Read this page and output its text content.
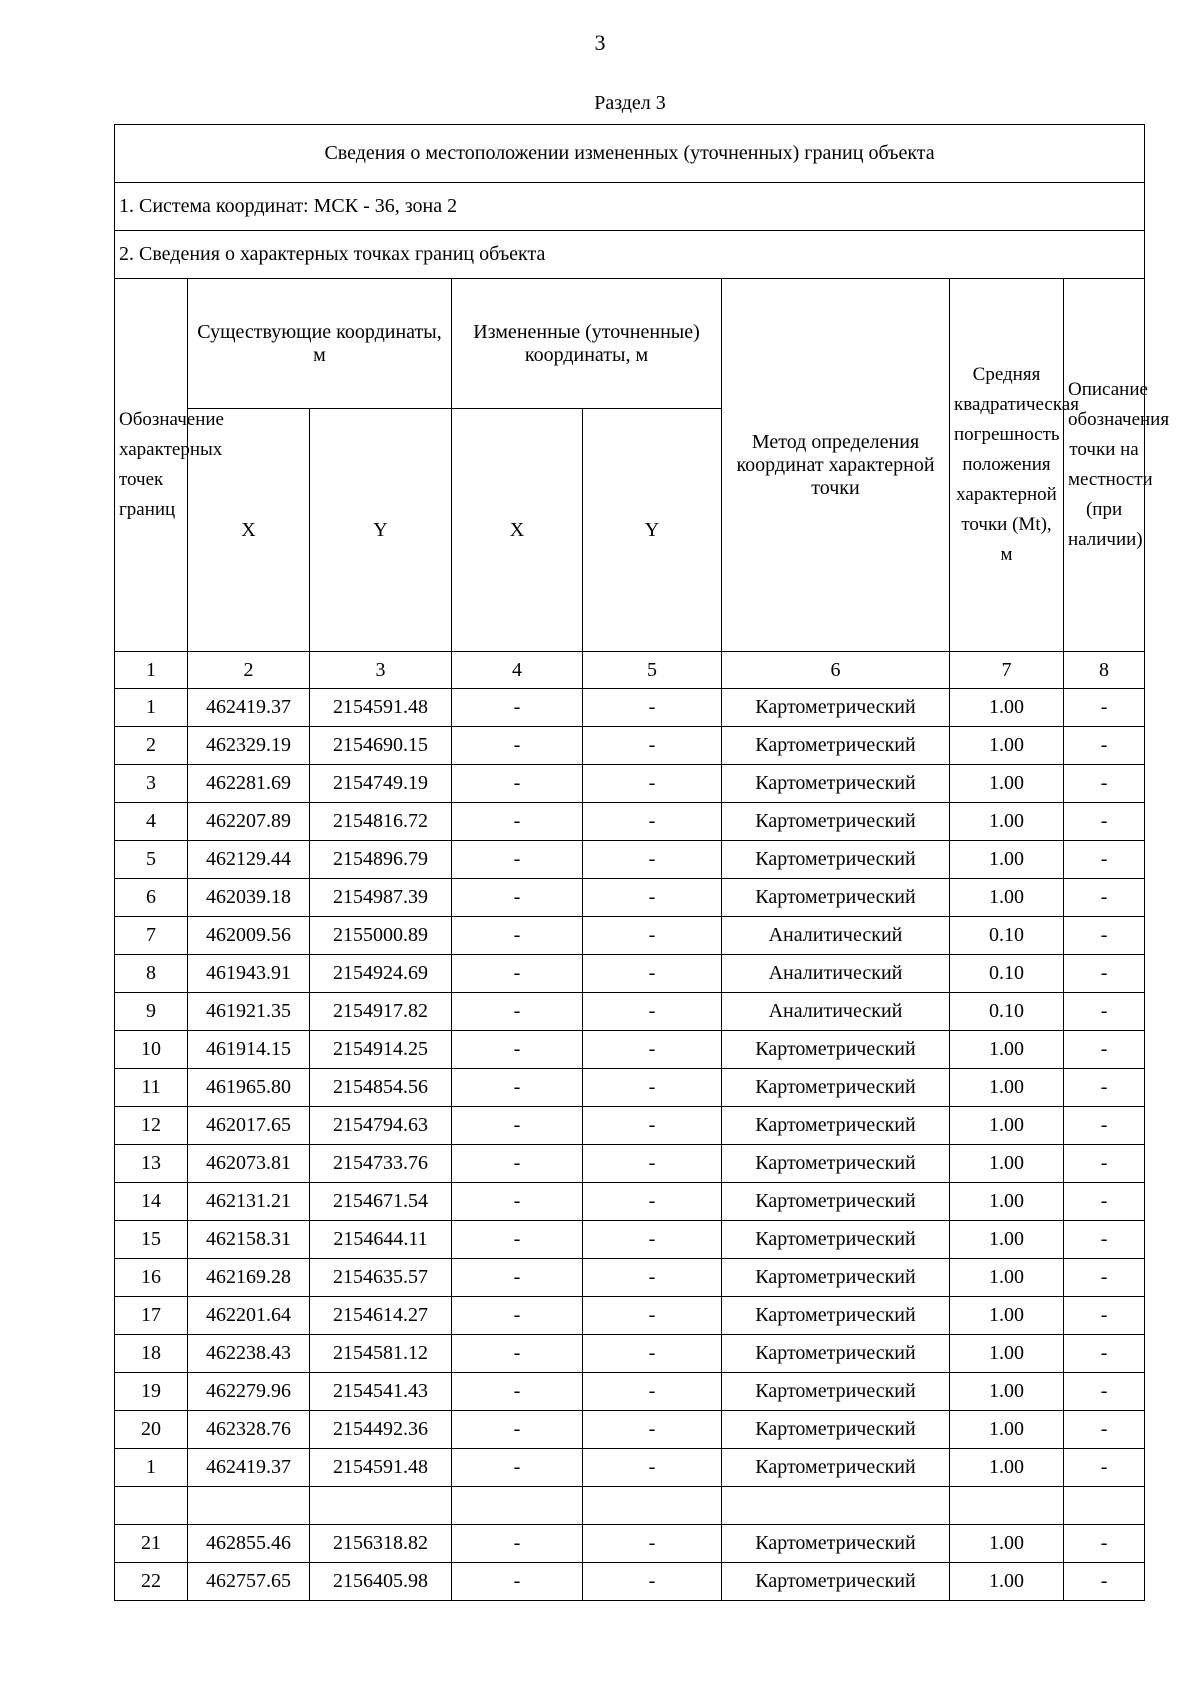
3
Раздел 3
Сведения о местоположении измененных (уточненных) границ объекта							
1. Система координат: МСК - 36, зона 2							
2. Сведения о характерных точках границ объекта							
Обозначение характерных точек границ	Существующие координаты, м		Измененные (уточненные) координаты, м		Метод определения координат характерной точки	Средняя квадратическая погрешность положения характерной точки (Mt), м	Описание обозначения точки на местности (при наличии)
	X	Y	X	Y			
1	2	3	4	5	6	7	8
1	462419.37	2154591.48	-	-	Картометрический	1.00	-
2	462329.19	2154690.15	-	-	Картометрический	1.00	-
3	462281.69	2154749.19	-	-	Картометрический	1.00	-
4	462207.89	2154816.72	-	-	Картометрический	1.00	-
5	462129.44	2154896.79	-	-	Картометрический	1.00	-
6	462039.18	2154987.39	-	-	Картометрический	1.00	-
7	462009.56	2155000.89	-	-	Аналитический	0.10	-
8	461943.91	2154924.69	-	-	Аналитический	0.10	-
9	461921.35	2154917.82	-	-	Аналитический	0.10	-
10	461914.15	2154914.25	-	-	Картометрический	1.00	-
11	461965.80	2154854.56	-	-	Картометрический	1.00	-
12	462017.65	2154794.63	-	-	Картометрический	1.00	-
13	462073.81	2154733.76	-	-	Картометрический	1.00	-
14	462131.21	2154671.54	-	-	Картометрический	1.00	-
15	462158.31	2154644.11	-	-	Картометрический	1.00	-
16	462169.28	2154635.57	-	-	Картометрический	1.00	-
17	462201.64	2154614.27	-	-	Картометрический	1.00	-
18	462238.43	2154581.12	-	-	Картометрический	1.00	-
19	462279.96	2154541.43	-	-	Картометрический	1.00	-
20	462328.76	2154492.36	-	-	Картометрический	1.00	-
1	462419.37	2154591.48	-	-	Картометрический	1.00	-

21	462855.46	2156318.82	-	-	Картометрический	1.00	-
22	462757.65	2156405.98	-	-	Картометрический	1.00	-
